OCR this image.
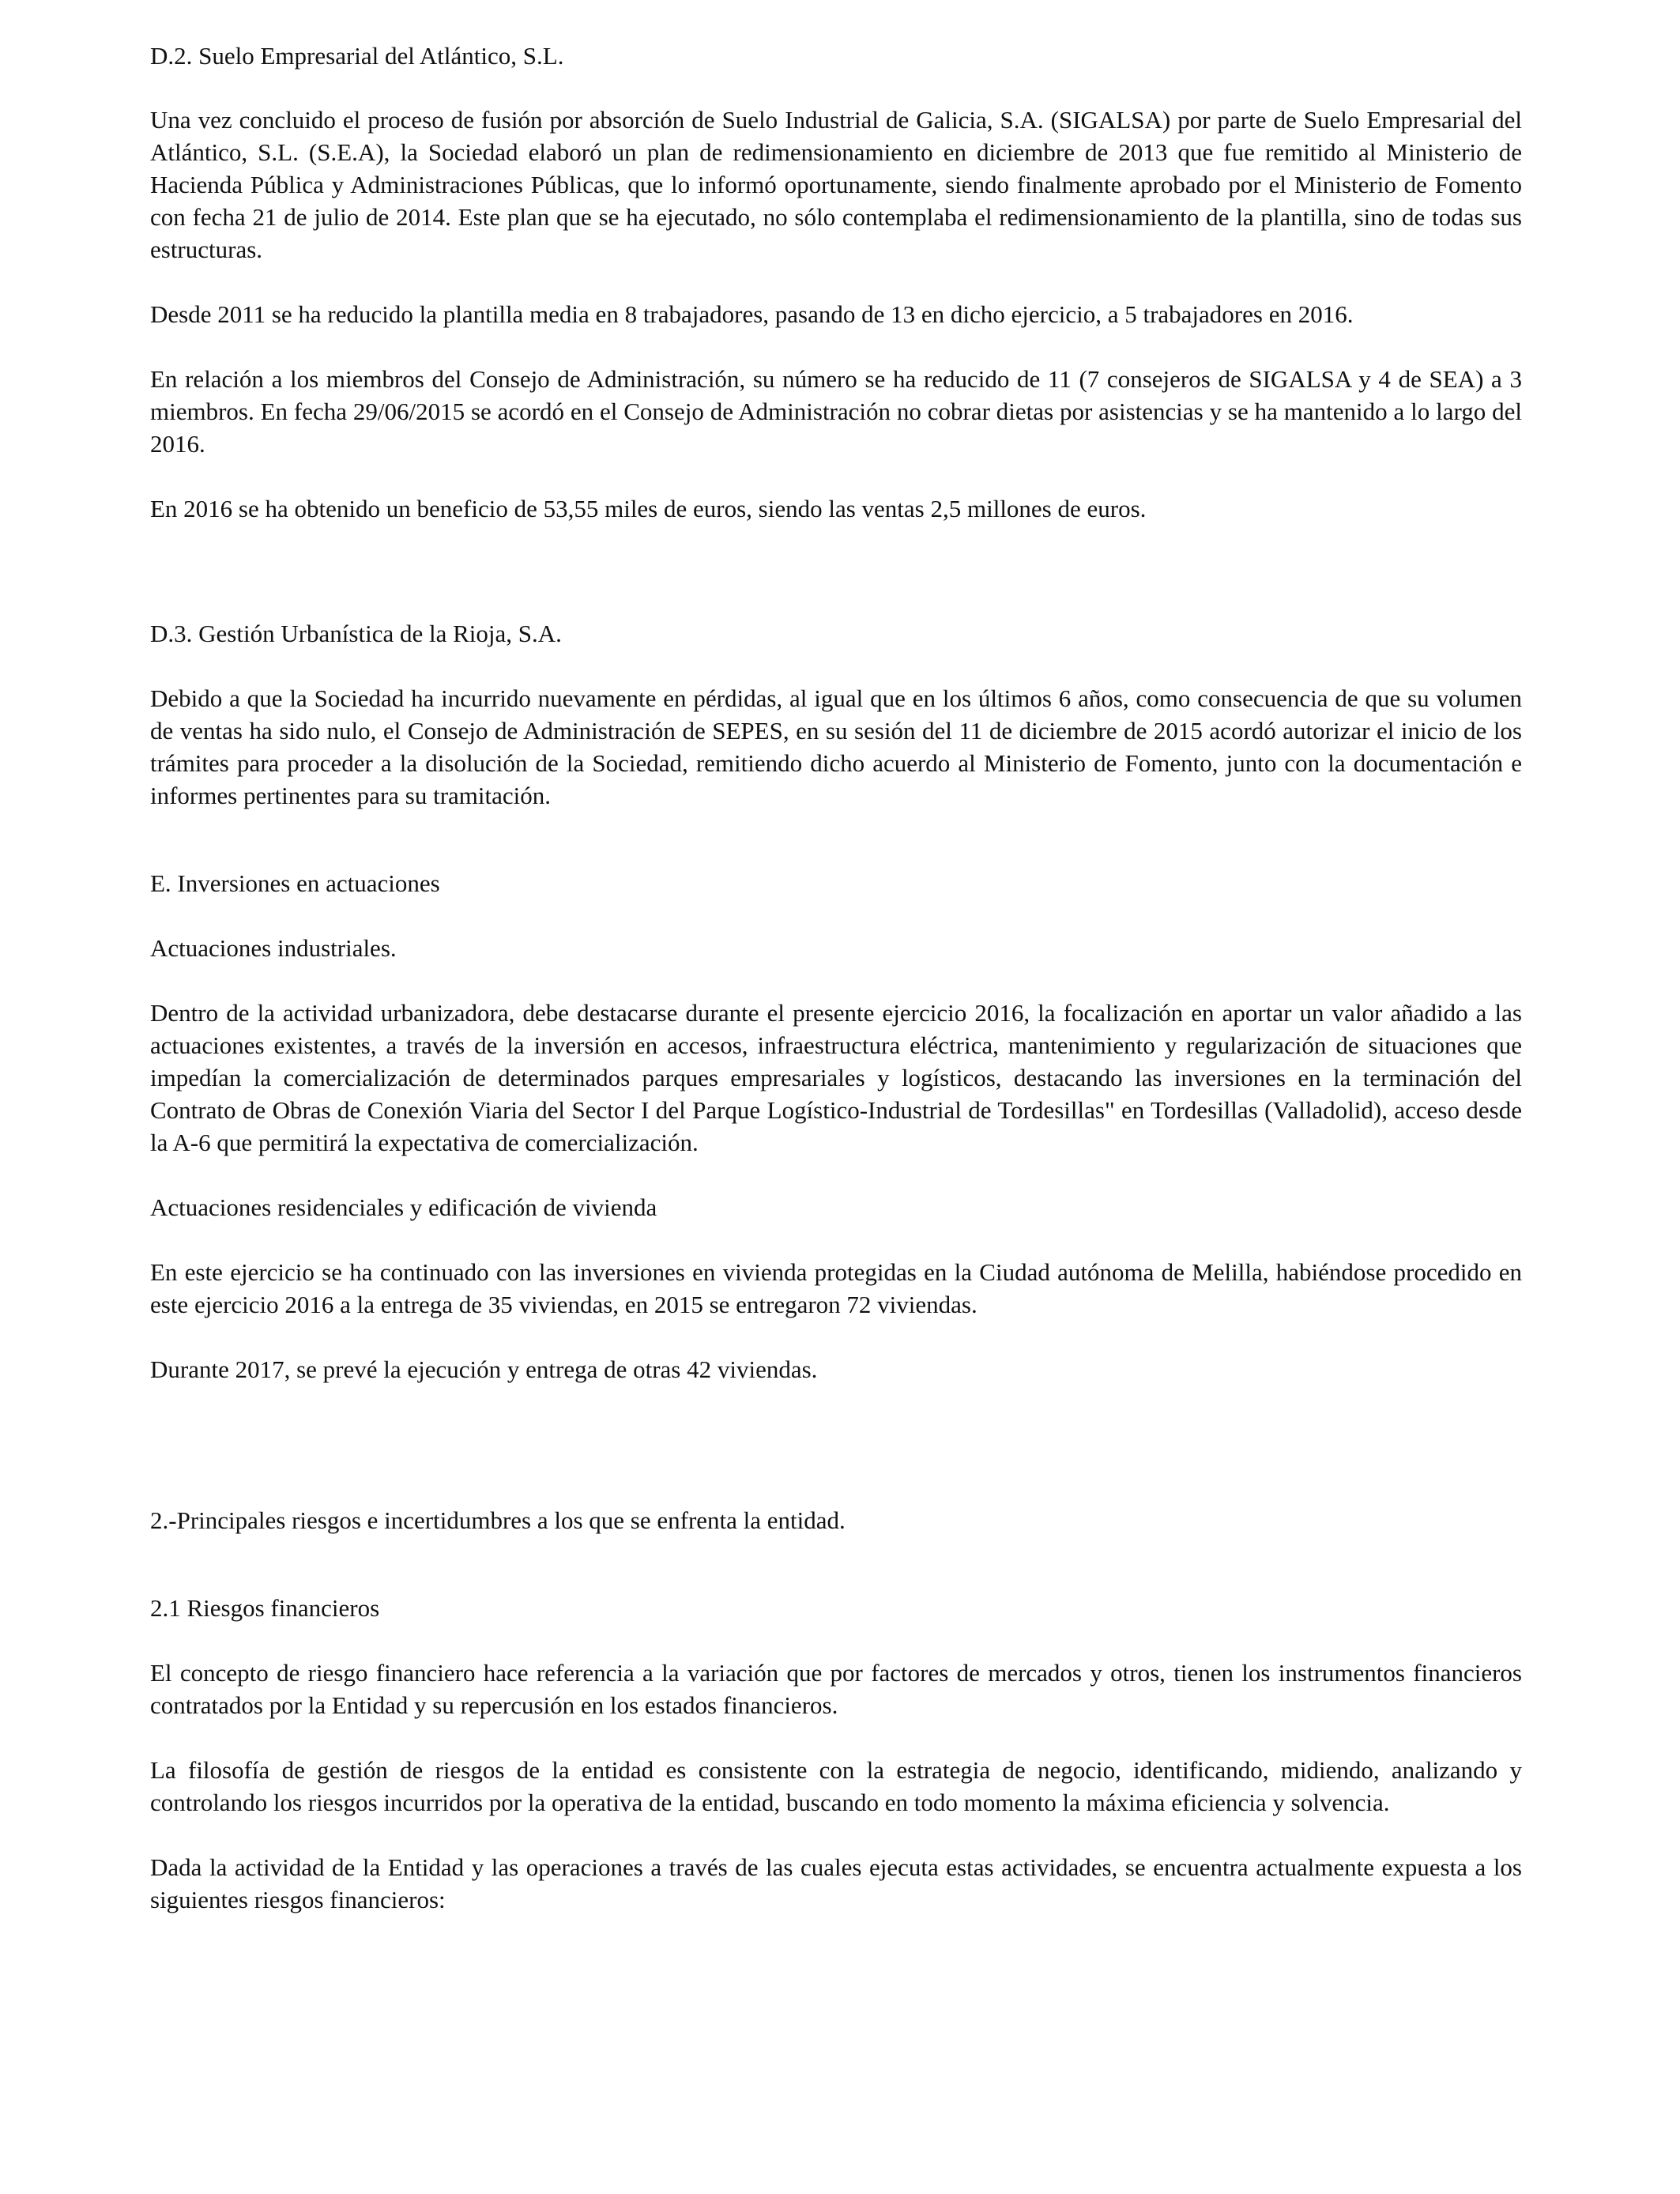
D.2. Suelo Empresarial del Atlántico, S.L.

Una vez concluido el proceso de fusión por absorción de Suelo Industrial de Galicia, S.A. (SIGALSA) por parte de Suelo Empresarial del Atlántico, S.L. (S.E.A), la Sociedad elaboró un plan de redimensionamiento en diciembre de 2013 que fue remitido al Ministerio de Hacienda Pública y Administraciones Públicas, que lo informó oportunamente, siendo finalmente aprobado por el Ministerio de Fomento con fecha 21 de julio de 2014. Este plan que se ha ejecutado, no sólo contemplaba el redimensionamiento de la plantilla, sino de todas sus estructuras.

Desde 2011 se ha reducido la plantilla media en 8 trabajadores, pasando de 13 en dicho ejercicio, a 5 trabajadores en 2016.

En relación a los miembros del Consejo de Administración, su número se ha reducido de 11 (7 consejeros de SIGALSA y 4 de SEA) a 3 miembros. En fecha 29/06/2015 se acordó en el Consejo de Administración no cobrar dietas por asistencias y se ha mantenido a lo largo del 2016.

En 2016 se ha obtenido un beneficio de 53,55 miles de euros, siendo las ventas 2,5 millones de euros.

D.3. Gestión Urbanística de la Rioja, S.A.

Debido a que la Sociedad ha incurrido nuevamente en pérdidas, al igual que en los últimos 6 años, como consecuencia de que su volumen de ventas ha sido nulo, el Consejo de Administración de SEPES, en su sesión del 11 de diciembre de 2015 acordó autorizar el inicio de los trámites para proceder a la disolución de la Sociedad, remitiendo dicho acuerdo al Ministerio de Fomento, junto con la documentación e informes pertinentes para su tramitación.

E. Inversiones en actuaciones

Actuaciones industriales.

Dentro de la actividad urbanizadora, debe destacarse durante el presente ejercicio 2016, la focalización en aportar un valor añadido a las actuaciones existentes, a través de la inversión en accesos, infraestructura eléctrica, mantenimiento y regularización de situaciones que impedían la comercialización de determinados parques empresariales y logísticos, destacando las inversiones en la terminación del Contrato de Obras de Conexión Viaria del Sector I del Parque Logístico-Industrial de Tordesillas" en Tordesillas (Valladolid), acceso desde la A-6 que permitirá la expectativa de comercialización.

Actuaciones residenciales y edificación de vivienda

En este ejercicio se ha continuado con las inversiones en vivienda protegidas en la Ciudad autónoma de Melilla, habiéndose procedido en este ejercicio 2016 a la entrega de 35 viviendas, en 2015 se entregaron 72 viviendas.

Durante 2017, se prevé la ejecución y entrega de otras 42 viviendas.

2.-Principales riesgos e incertidumbres a los que se enfrenta la entidad.

2.1 Riesgos financieros

El concepto de riesgo financiero hace referencia a la variación que por factores de mercados y otros, tienen los instrumentos financieros contratados por la Entidad y su repercusión en los estados financieros.

La filosofía de gestión de riesgos de la entidad es consistente con la estrategia de negocio, identificando, midiendo, analizando y controlando los riesgos incurridos por la operativa de la entidad, buscando en todo momento la máxima eficiencia y solvencia.

Dada la actividad de la Entidad y las operaciones a través de las cuales ejecuta estas actividades, se encuentra actualmente expuesta a los siguientes riesgos financieros:
